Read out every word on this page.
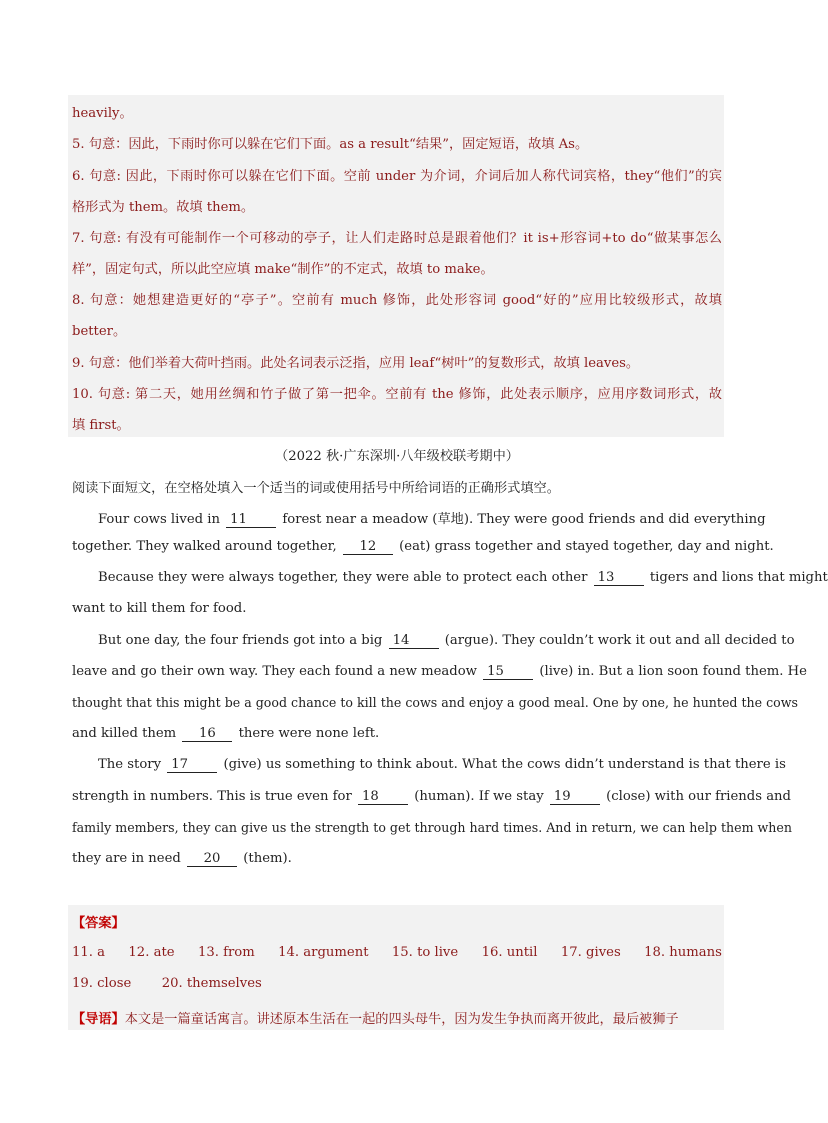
heavily。
5. 句意：因此，下雨时你可以躲在它们下面。as a result“结果”，固定短语，故填 As。
6. 句意: 因此，下雨时你可以躲在它们下面。空前 under 为介词，介词后加人称代词宾格，they“他们”的宾
格形式为 them。故填 them。
7. 句意: 有没有可能制作一个可移动的亭子，让人们走路时总是跟着他们？it is+形容词+to do“做某事怎么
样”，固定句式，所以此空应填 make“制作”的不定式，故填 to make。
8. 句意：她想建造更好的“亭子”。空前有 much 修饰，此处形容词 good“好的”应用比较级形式，故填
better。
9. 句意：他们举着大荷叶挡雨。此处名词表示泛指，应用 leaf“树叶”的复数形式，故填 leaves。
10. 句意: 第二天，她用丝绸和竹子做了第一把伞。空前有 the 修饰，此处表示顺序，应用序数词形式，故
填 first。
（2022 秋·广东深圳·八年级校联考期中）
阅读下面短文，在空格处填入一个适当的词或使用括号中所给词语的正确形式填空。
Four cows lived in 11	forest near a meadow (草地). They were good friends and did everything
together. They walked around together, 12 (eat) grass together and stayed together, day and night.
Because they were always together, they were able to protect each other 13	tigers and lions that might
want to kill them for food.
But one day, the four friends got into a big 14	(argue). They couldn’t work it out and all decided to
leave and go their own way. They each found a new meadow 15	(live) in. But a lion soon found them. He
thought that this might be a good chance to kill the cows and enjoy a good meal. One by one, he hunted the cows
and killed them 16 there were none left.
The story 17	(give) us something to think about. What the cows didn’t understand is that there is
strength in numbers. This is true even for 18	(human). If we stay 19	(close) with our friends and
family members, they can give us the strength to get through hard times. And in return, we can help them when
they are in need 20 (them).
【答案】
11. a 12. ate 13. from 14. argument 15. to live 16. until 17. gives 18. humans
19. close 20. themselves
【导语】本文是一篇童话寓言。讲述原本生活在一起的四头母牛，因为发生争执而离开彼此，最后被狮子
